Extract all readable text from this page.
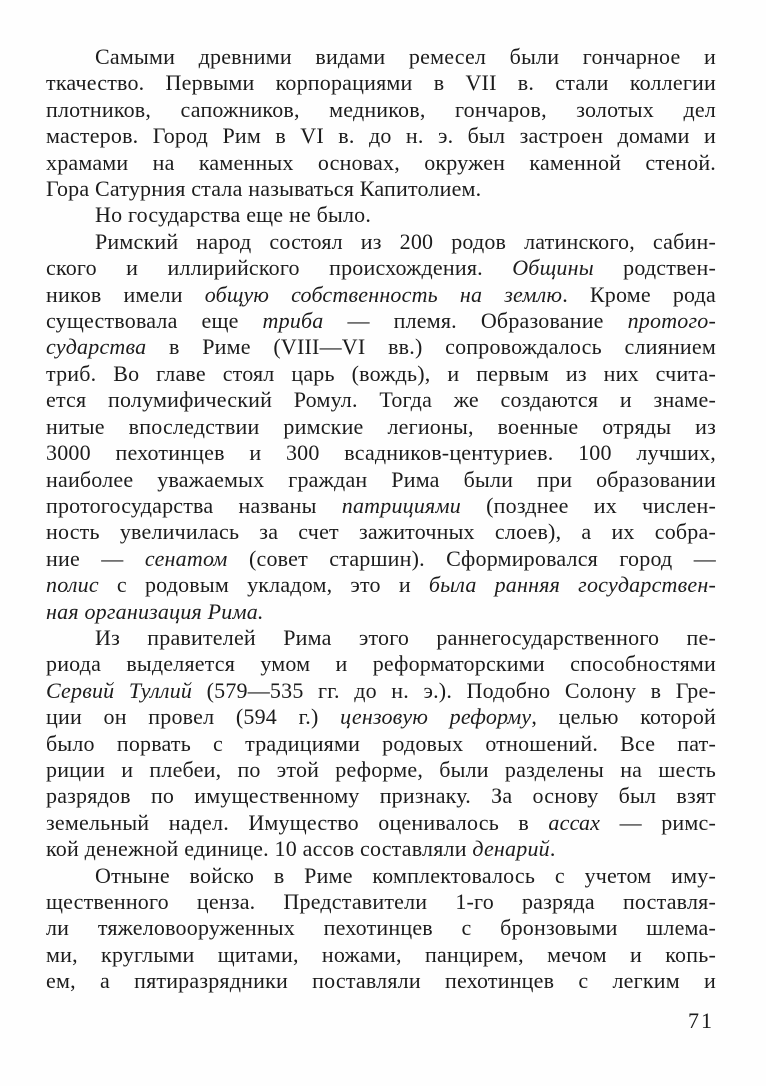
Самыми древними видами ремесел были гончарное и
ткачество. Первыми корпорациями в VII в. стали коллегии
плотников, сапожников, медников, гончаров, золотых дел
мастеров. Город Рим в VI в. до н. э. был застроен домами и
храмами на каменных основах, окружен каменной стеной.
Гора Сатурния стала называться Капитолием.
Но государства еще не было.
Римский народ состоял из 200 родов латинского, сабин-
ского и иллирийского происхождения. Общины родствен-
ников имели общую собственность на землю. Кроме рода
существовала еще триба — племя. Образование протого-
сударства в Риме (VIII—VI вв.) сопровождалось слиянием
триб. Во главе стоял царь (вождь), и первым из них счита-
ется полумифический Ромул. Тогда же создаются и знаме-
нитые впоследствии римские легионы, военные отряды из
3000 пехотинцев и 300 всадников-центуриев. 100 лучших,
наиболее уважаемых граждан Рима были при образовании
протогосударства названы патрициями (позднее их числен-
ность увеличилась за счет зажиточных слоев), а их собра-
ние — сенатом (совет старшин). Сформировался город —
полис с родовым укладом, это и была ранняя государствен-
ная организация Рима.
Из правителей Рима этого раннегосударственного пе-
риода выделяется умом и реформаторскими способностями
Сервий Туллий (579—535 гг. до н. э.). Подобно Солону в Гре-
ции он провел (594 г.) цензовую реформу, целью которой
было порвать с традициями родовых отношений. Все пат-
риции и плебеи, по этой реформе, были разделены на шесть
разрядов по имущественному признаку. За основу был взят
земельный надел. Имущество оценивалось в ассах — римс-
кой денежной единице. 10 ассов составляли денарий.
Отныне войско в Риме комплектовалось с учетом иму-
щественного ценза. Представители 1-го разряда поставля-
ли тяжеловооруженных пехотинцев с бронзовыми шлема-
ми, круглыми щитами, ножами, панцирем, мечом и копь-
ем, а пятиразрядники поставляли пехотинцев с легким и
71
